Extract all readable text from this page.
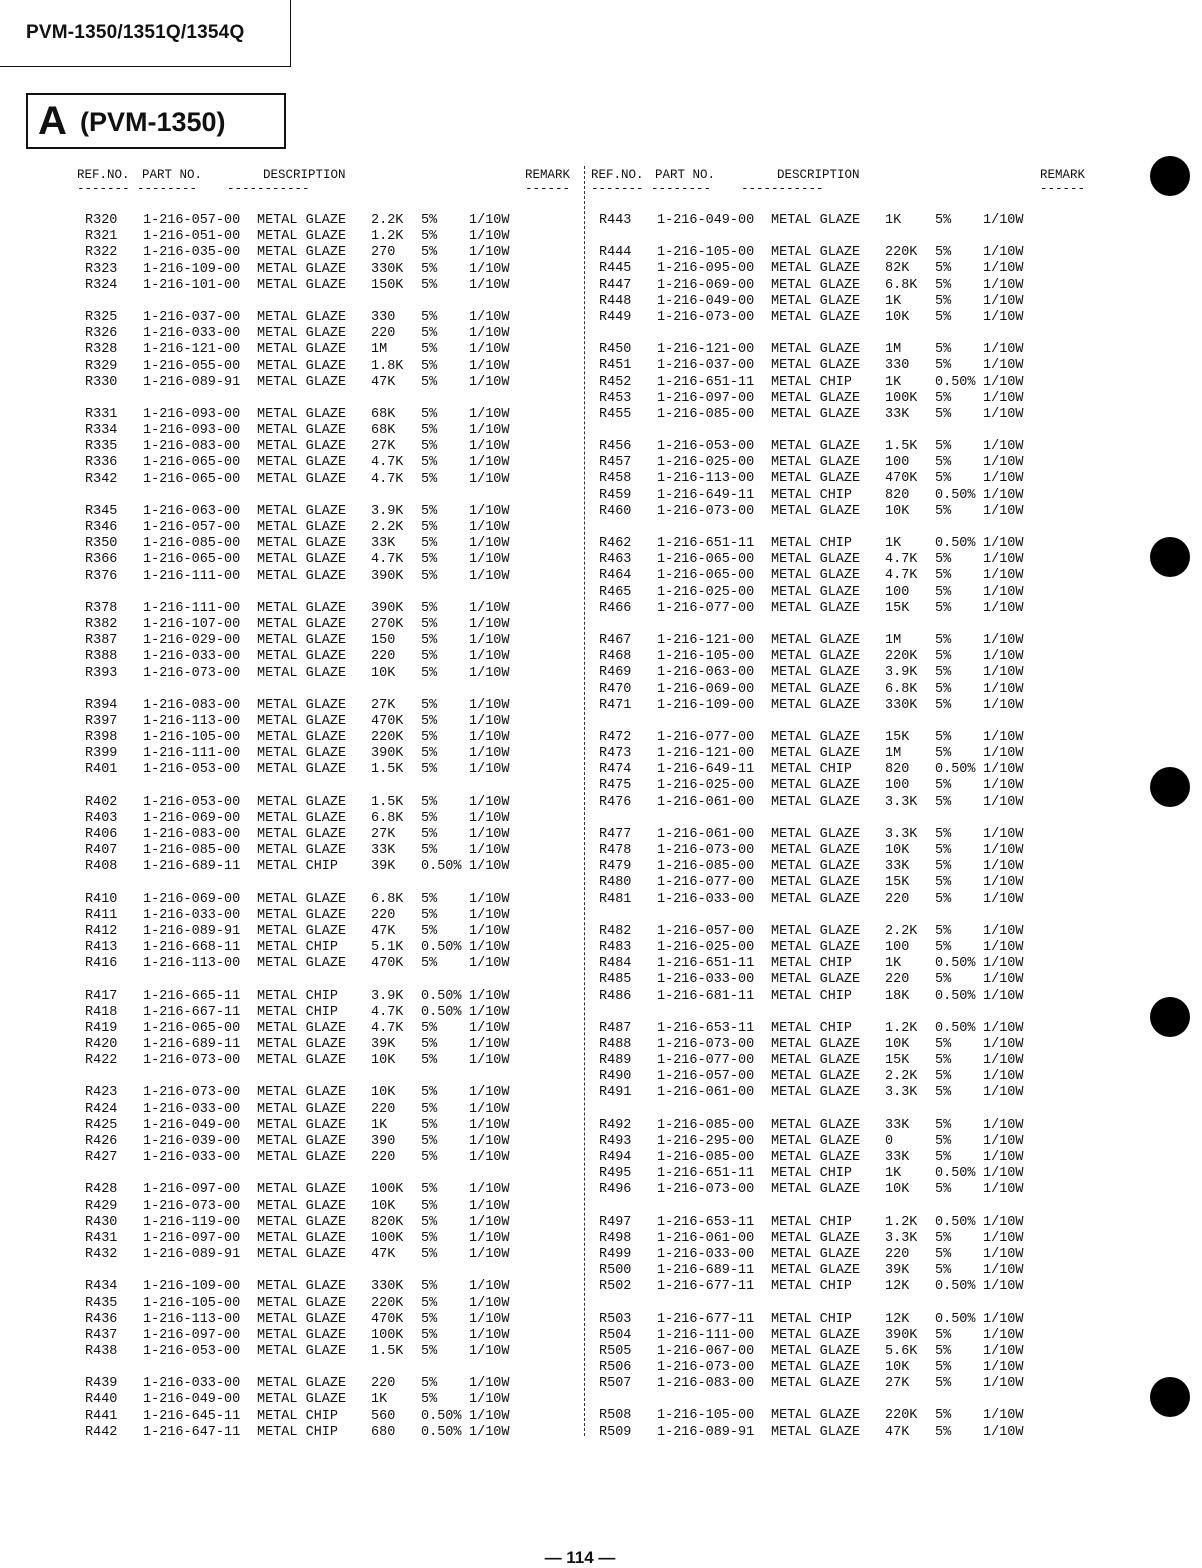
PVM-1350/1351Q/1354Q
A (PVM-1350)
REF.NO. PART NO.	DESCRIPTION	REMARK
------- --------    -----------	------
REF.NO. PART NO.	DESCRIPTION	REMARK
------- --------    -----------	------
R320 1-216-057-00 METAL GLAZE 2.2K 5% 1/10W
R321 1-216-051-00 METAL GLAZE 1.2K 5% 1/10W
R322 1-216-035-00 METAL GLAZE 270 5% 1/10W
R323 1-216-109-00 METAL GLAZE 330K 5% 1/10W
R324 1-216-101-00 METAL GLAZE 150K 5% 1/10W
R325 1-216-037-00 METAL GLAZE 330 5% 1/10W
R326 1-216-033-00 METAL GLAZE 220 5% 1/10W
R328 1-216-121-00 METAL GLAZE 1M	5% 1/10W
R329 1-216-055-00 METAL GLAZE 1.8K 5% 1/10W
R330 1-216-089-91 METAL GLAZE 47K 5% 1/10W
R331 1-216-093-00 METAL GLAZE 68K 5% 1/10W
R334 1-216-093-00 METAL GLAZE 68K 5% 1/10W
R335 1-216-083-00 METAL GLAZE 27K 5% 1/10W
R336 1-216-065-00 METAL GLAZE 4.7K 5% 1/10W
R342 1-216-065-00 METAL GLAZE 4.7K 5% 1/10W
R345 1-216-063-00 METAL GLAZE 3.9K 5% 1/10W
R346 1-216-057-00 METAL GLAZE 2.2K 5% 1/10W
R350 1-216-085-00 METAL GLAZE 33K 5% 1/10W
R366 1-216-065-00 METAL GLAZE 4.7K 5% 1/10W
R376 1-216-111-00 METAL GLAZE 390K 5% 1/10W
R378 1-216-111-00 METAL GLAZE 390K 5% 1/10W
R382 1-216-107-00 METAL GLAZE 270K 5% 1/10W
R387 1-216-029-00 METAL GLAZE 150 5% 1/10W
R388 1-216-033-00 METAL GLAZE 220 5% 1/10W
R393 1-216-073-00 METAL GLAZE 10K 5% 1/10W
R394 1-216-083-00 METAL GLAZE 27K 5% 1/10W
R397 1-216-113-00 METAL GLAZE 470K 5% 1/10W
R398 1-216-105-00 METAL GLAZE 220K 5% 1/10W
R399 1-216-111-00 METAL GLAZE 390K 5% 1/10W
R401 1-216-053-00 METAL GLAZE 1.5K 5% 1/10W
R402 1-216-053-00 METAL GLAZE 1.5K 5% 1/10W
R403 1-216-069-00 METAL GLAZE 6.8K 5% 1/10W
R406 1-216-083-00 METAL GLAZE 27K 5% 1/10W
R407 1-216-085-00 METAL GLAZE 33K 5% 1/10W
R408 1-216-689-11 METAL CHIP 39K 0.50% 1/10W
R410 1-216-069-00 METAL GLAZE 6.8K 5% 1/10W
R411 1-216-033-00 METAL GLAZE 220 5% 1/10W
R412 1-216-089-91 METAL GLAZE 47K 5% 1/10W
R413 1-216-668-11 METAL CHIP 5.1K 0.50% 1/10W
R416 1-216-113-00 METAL GLAZE 470K 5% 1/10W
R417 1-216-665-11 METAL CHIP 3.9K 0.50% 1/10W
R418 1-216-667-11 METAL CHIP 4.7K 0.50% 1/10W
R419 1-216-065-00 METAL GLAZE 4.7K 5% 1/10W
R420 1-216-689-11 METAL GLAZE 39K 5% 1/10W
R422 1-216-073-00 METAL GLAZE 10K 5% 1/10W
R423 1-216-073-00 METAL GLAZE 10K 5% 1/10W
R424 1-216-033-00 METAL GLAZE 220 5% 1/10W
R425 1-216-049-00 METAL GLAZE 1K	5% 1/10W
R426 1-216-039-00 METAL GLAZE 390 5% 1/10W
R427 1-216-033-00 METAL GLAZE 220 5% 1/10W
R428 1-216-097-00 METAL GLAZE 100K 5% 1/10W
R429 1-216-073-00 METAL GLAZE 10K 5% 1/10W
R430 1-216-119-00 METAL GLAZE 820K 5% 1/10W
R431 1-216-097-00 METAL GLAZE 100K 5% 1/10W
R432 1-216-089-91 METAL GLAZE 47K 5% 1/10W
R434 1-216-109-00 METAL GLAZE 330K 5% 1/10W
R435 1-216-105-00 METAL GLAZE 220K 5% 1/10W
R436 1-216-113-00 METAL GLAZE 470K 5% 1/10W
R437 1-216-097-00 METAL GLAZE 100K 5% 1/10W
R438 1-216-053-00 METAL GLAZE 1.5K 5% 1/10W
R439 1-216-033-00 METAL GLAZE 220 5% 1/10W
R440 1-216-049-00 METAL GLAZE 1K	5% 1/10W
R441 1-216-645-11 METAL CHIP 560 0.50% 1/10W
R442 1-216-647-11 METAL CHIP 680 0.50% 1/10W
R443 1-216-049-00 METAL GLAZE 1K	5% 1/10W
R444 1-216-105-00 METAL GLAZE 220K 5% 1/10W
R445 1-216-095-00 METAL GLAZE 82K 5% 1/10W
R447 1-216-069-00 METAL GLAZE 6.8K 5% 1/10W
R448 1-216-049-00 METAL GLAZE 1K	5% 1/10W
R449 1-216-073-00 METAL GLAZE 10K 5% 1/10W
R450 1-216-121-00 METAL GLAZE 1M	5% 1/10W
R451 1-216-037-00 METAL GLAZE 330 5% 1/10W
R452 1-216-651-11 METAL CHIP 1K	0.50% 1/10W
R453 1-216-097-00 METAL GLAZE 100K 5% 1/10W
R455 1-216-085-00 METAL GLAZE 33K 5% 1/10W
R456 1-216-053-00 METAL GLAZE 1.5K 5% 1/10W
R457 1-216-025-00 METAL GLAZE 100 5% 1/10W
R458 1-216-113-00 METAL GLAZE 470K 5% 1/10W
R459 1-216-649-11 METAL CHIP 820 0.50% 1/10W
R460 1-216-073-00 METAL GLAZE 10K 5% 1/10W
R462 1-216-651-11 METAL CHIP 1K	0.50% 1/10W
R463 1-216-065-00 METAL GLAZE 4.7K 5% 1/10W
R464 1-216-065-00 METAL GLAZE 4.7K 5% 1/10W
R465 1-216-025-00 METAL GLAZE 100 5% 1/10W
R466 1-216-077-00 METAL GLAZE 15K 5% 1/10W
R467 1-216-121-00 METAL GLAZE 1M	5% 1/10W
R468 1-216-105-00 METAL GLAZE 220K 5% 1/10W
R469 1-216-063-00 METAL GLAZE 3.9K 5% 1/10W
R470 1-216-069-00 METAL GLAZE 6.8K 5% 1/10W
R471 1-216-109-00 METAL GLAZE 330K 5% 1/10W
R472 1-216-077-00 METAL GLAZE 15K 5% 1/10W
R473 1-216-121-00 METAL GLAZE 1M	5% 1/10W
R474 1-216-649-11 METAL CHIP 820 0.50% 1/10W
R475 1-216-025-00 METAL GLAZE 100 5% 1/10W
R476 1-216-061-00 METAL GLAZE 3.3K 5% 1/10W
R477 1-216-061-00 METAL GLAZE 3.3K 5% 1/10W
R478 1-216-073-00 METAL GLAZE 10K 5% 1/10W
R479 1-216-085-00 METAL GLAZE 33K 5% 1/10W
R480 1-216-077-00 METAL GLAZE 15K 5% 1/10W
R481 1-216-033-00 METAL GLAZE 220 5% 1/10W
R482 1-216-057-00 METAL GLAZE 2.2K 5% 1/10W
R483 1-216-025-00 METAL GLAZE 100 5% 1/10W
R484 1-216-651-11 METAL CHIP 1K	0.50% 1/10W
R485 1-216-033-00 METAL GLAZE 220 5% 1/10W
R486 1-216-681-11 METAL CHIP 18K 0.50% 1/10W
R487 1-216-653-11 METAL CHIP 1.2K 0.50% 1/10W
R488 1-216-073-00 METAL GLAZE 10K 5% 1/10W
R489 1-216-077-00 METAL GLAZE 15K 5% 1/10W
R490 1-216-057-00 METAL GLAZE 2.2K 5% 1/10W
R491 1-216-061-00 METAL GLAZE 3.3K 5% 1/10W
R492 1-216-085-00 METAL GLAZE 33K 5% 1/10W
R493 1-216-295-00 METAL GLAZE 0	5% 1/10W
R494 1-216-085-00 METAL GLAZE 33K 5% 1/10W
R495 1-216-651-11 METAL CHIP 1K	0.50% 1/10W
R496 1-216-073-00 METAL GLAZE 10K 5% 1/10W
R497 1-216-653-11 METAL CHIP 1.2K 0.50% 1/10W
R498 1-216-061-00 METAL GLAZE 3.3K 5% 1/10W
R499 1-216-033-00 METAL GLAZE 220 5% 1/10W
R500 1-216-689-11 METAL GLAZE 39K 5% 1/10W
R502 1-216-677-11 METAL CHIP 12K 0.50% 1/10W
R503 1-216-677-11 METAL CHIP 12K 0.50% 1/10W
R504 1-216-111-00 METAL GLAZE 390K 5% 1/10W
R505 1-216-067-00 METAL GLAZE 5.6K 5% 1/10W
R506 1-216-073-00 METAL GLAZE 10K 5% 1/10W
R507 1-216-083-00 METAL GLAZE 27K 5% 1/10W
R508 1-216-105-00 METAL GLAZE 220K 5% 1/10W
R509 1-216-089-91 METAL GLAZE 47K 5% 1/10W
— 114 —
